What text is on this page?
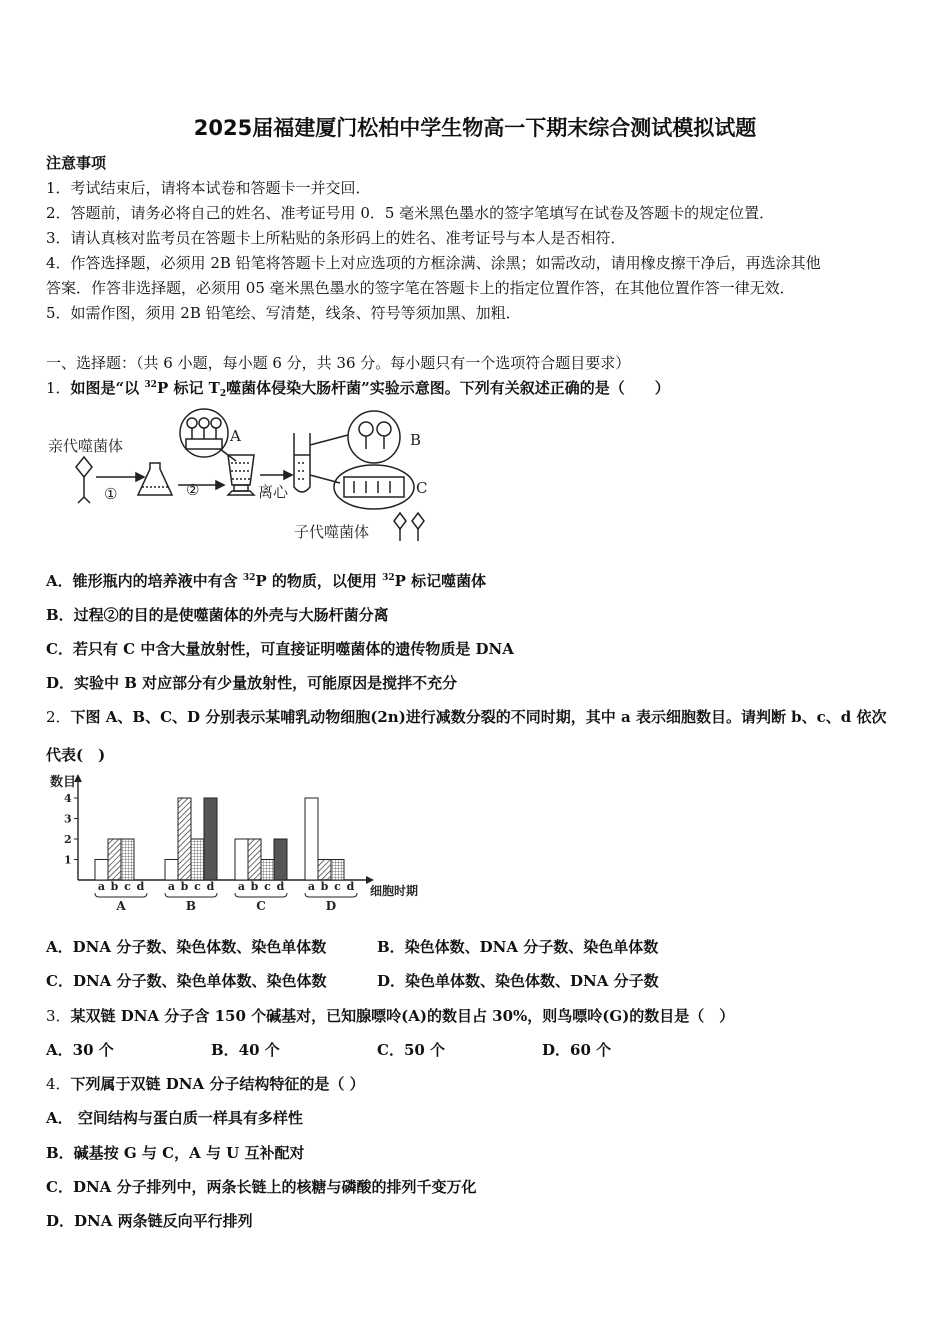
2025届福建厦门松柏中学生物高一下期末综合测试模拟试题
注意事项
1．考试结束后，请将本试卷和答题卡一并交回．
2．答题前，请务必将自己的姓名、准考证号用 0．5 毫米黑色墨水的签字笔填写在试卷及答题卡的规定位置．
3．请认真核对监考员在答题卡上所粘贴的条形码上的姓名、准考证号与本人是否相符．
4．作答选择题，必须用 2B 铅笔将答题卡上对应选项的方框涂满、涂黑；如需改动，请用橡皮擦干净后，再选涂其他
答案．作答非选择题，必须用 05 毫米黑色墨水的签字笔在答题卡上的指定位置作答，在其他位置作答一律无效．
5．如需作图，须用 2B 铅笔绘、写清楚，线条、符号等须加黑、加粗．
一、选择题：（共 6 小题，每小题 6 分，共 36 分。每小题只有一个选项符合题目要求）
1．如图是“以 $^{32}$P 标记 $T_2$噬菌体侵染大肠杆菌”实验示意图。下列有关叙述正确的是（　　）
亲代噬菌体
①	②
A
离心
B
C
子代噬菌体
A．锥形瓶内的培养液中有含 $^{32}$P 的物质，以便用 $^{32}$P 标记噬菌体
B．过程②的目的是使噬菌体的外壳与大肠杆菌分离
C．若只有 C 中含大量放射性，可直接证明噬菌体的遗传物质是 DNA
D．实验中 B 对应部分有少量放射性，可能原因是搅拌不充分
2．下图 A、B、C、D 分别表示某哺乳动物细胞(2n)进行减数分裂的不同时期，其中 a 表示细胞数目。请判断 b、c、d 依次
代表(　)
1
2
3
4
a b c d
A
a b c d
B
a b c d
C
a b c d
D
数目
细胞时期
A．DNA 分子数、染色体数、染色单体数	B．染色体数、DNA 分子数、染色单体数
C．DNA 分子数、染色单体数、染色体数	D．染色单体数、染色体数、DNA 分子数
3．某双链 DNA 分子含 150 个碱基对，已知腺嘌呤(A)的数目占 30%，则鸟嘌呤(G)的数目是（　）
A．30 个	B．40 个	C．50 个	D．60 个
4．下列属于双链 DNA 分子结构特征的是（ ）
A． 空间结构与蛋白质一样具有多样性
B．碱基按 G 与 C，A 与 U 互补配对
C．DNA 分子排列中，两条长链上的核糖与磷酸的排列千变万化
D．DNA 两条链反向平行排列
